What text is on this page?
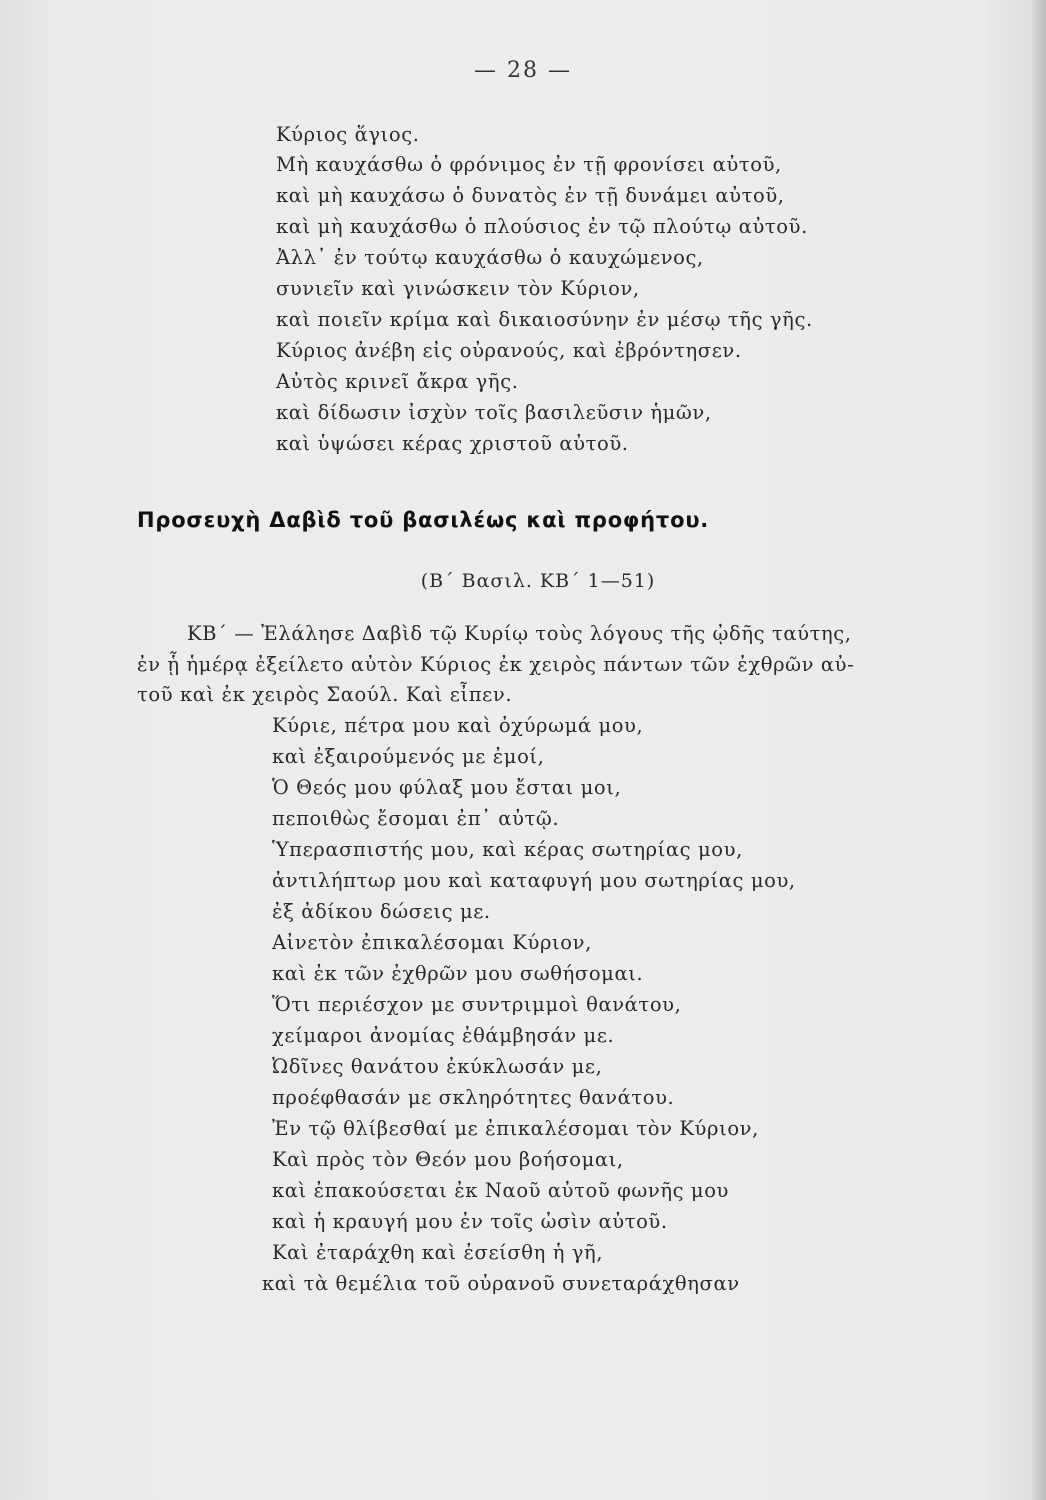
— 28 —
Κύριος ἅγιος.
Μὴ καυχάσθω ὁ φρόνιμος ἐν τῇ φρονίσει αὐτοῦ,
καὶ μὴ καυχάσω ὁ δυνατὸς ἐν τῇ δυνάμει αὐτοῦ,
καὶ μὴ καυχάσθω ὁ πλούσιος ἐν τῷ πλούτῳ αὐτοῦ.
Ἀλλ᾽ ἐν τούτῳ καυχάσθω ὁ καυχώμενος,
συνιεῖν καὶ γινώσκειν τὸν Κύριον,
καὶ ποιεῖν κρίμα καὶ δικαιοσύνην ἐν μέσῳ τῆς γῆς.
Κύριος ἀνέβη εἰς οὐρανούς, καὶ ἐβρόντησεν.
Αὐτὸς κρινεῖ ἄκρα γῆς.
καὶ δίδωσιν ἰσχὺν τοῖς βασιλεῦσιν ἡμῶν,
καὶ ὑψώσει κέρας χριστοῦ αὐτοῦ.
Προσευχὴ Δαβὶδ τοῦ βασιλέως καὶ προφήτου.
(Β΄ Βασιλ. ΚΒ΄ 1—51)
ΚΒ΄ — Ἐλάλησε Δαβὶδ τῷ Κυρίῳ τοὺς λόγους τῆς ᾠδῆς ταύτης,
ἐν ᾗ ἡμέρᾳ ἐξείλετο αὐτὸν Κύριος ἐκ χειρὸς πάντων τῶν ἐχθρῶν αὐ-
τοῦ καὶ ἐκ χειρὸς Σαούλ. Καὶ εἶπεν.
Κύριε, πέτρα μου καὶ ὀχύρωμά μου,
καὶ ἐξαιρούμενός με ἐμοί,
Ὁ Θεός μου φύλαξ μου ἔσται μοι,
πεποιθὼς ἔσομαι ἐπ᾽ αὐτῷ.
Ὑπερασπιστής μου, καὶ κέρας σωτηρίας μου,
ἀντιλήπτωρ μου καὶ καταφυγή μου σωτηρίας μου,
ἐξ ἀδίκου δώσεις με.
Αἰνετὸν ἐπικαλέσομαι Κύριον,
καὶ ἐκ τῶν ἐχθρῶν μου σωθήσομαι.
Ὅτι περιέσχον με συντριμμοὶ θανάτου,
χείμαροι ἀνομίας ἐθάμβησάν με.
Ὠδῖνες θανάτου ἐκύκλωσάν με,
προέφθασάν με σκληρότητες θανάτου.
Ἐν τῷ θλίβεσθαί με ἐπικαλέσομαι τὸν Κύριον,
Καὶ πρὸς τὸν Θεόν μου βοήσομαι,
καὶ ἐπακούσεται ἐκ Ναοῦ αὐτοῦ φωνῆς μου
καὶ ἡ κραυγή μου ἐν τοῖς ὠσὶν αὐτοῦ.
Καὶ ἐταράχθη καὶ ἐσείσθη ἡ γῆ,
καὶ τὰ θεμέλια τοῦ οὐρανοῦ συνεταράχθησαν
